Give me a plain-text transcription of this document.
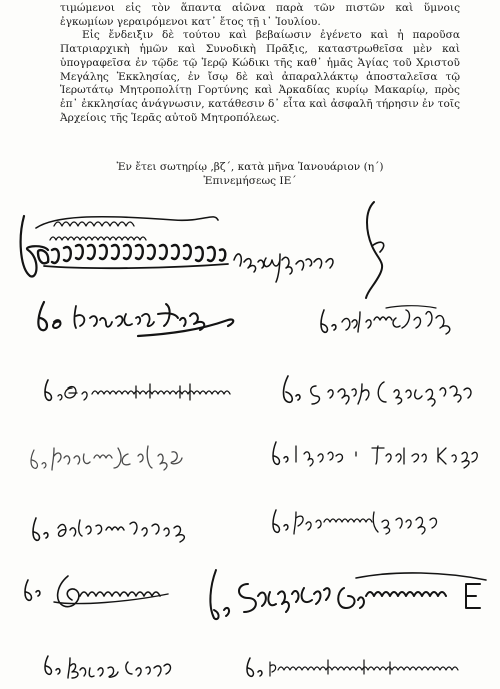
τιμώμενοι εἰς τὸν ἅπαντα αἰῶνα παρὰ τῶν πιστῶν καὶ ὕμνοις

ἐγκωμίων γεραιρόμενοι κατ᾿ ἔτος τῇ ι᾿ Ἰουλίου.

Εἰς ἔνδειξιν δὲ τούτου καὶ βεβαίωσιν ἐγένετο καὶ ἡ παροῦσα Πατριαρχικὴ ἡμῶν καὶ Συνοδικὴ Πρᾶξις, καταστρωθεῖσα μὲν καὶ ὑπογραφεῖσα ἐν τῷδε τῷ Ἱερῷ Κώδικι τῆς καθ᾿ ἡμᾶς Ἁγίας τοῦ Χριστοῦ Μεγάλης Ἐκκλησίας, ἐν ἴσῳ δὲ καὶ ἀπαραλλάκτῳ ἀποσταλεῖσα τῷ Ἱερωτάτῳ Μητροπολίτῃ Γορτύνης καὶ Ἀρκαδίας κυρίῳ Μακαρίῳ, πρὸς ἐπ᾿ ἐκκλησίας ἀνάγνωσιν, κατάθεσιν δ᾿ εἶτα καὶ ἀσφαλῆ τήρησιν ἐν τοῖς Ἀρχείοις τῆς Ἱερᾶς αὐτοῦ Μητροπόλεως.

Ἐν ἔτει σωτηρίῳ ‚βζ΄, κατὰ μῆνα Ἰανουάριον (η΄)
Ἐπινεμήσεως ΙΕ΄
